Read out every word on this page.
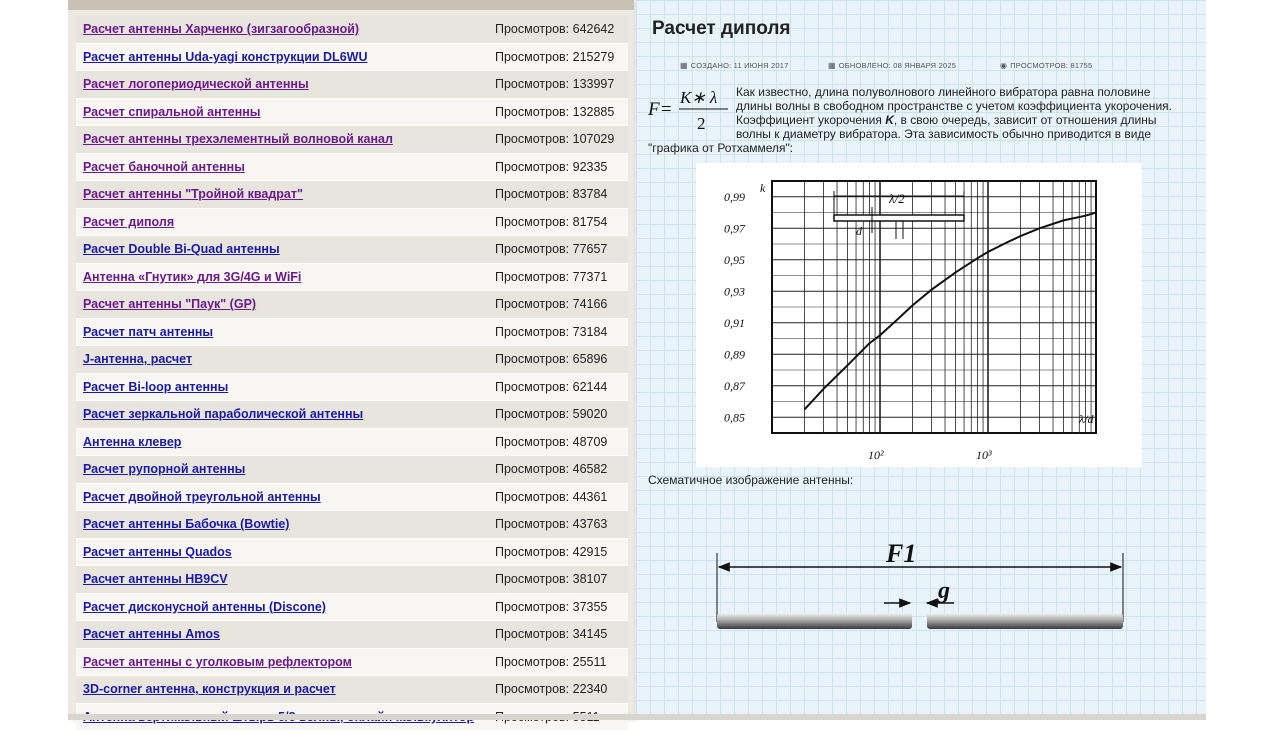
Расчет антенны Харченко (зигзагообразной)	Просмотров: 642642
Расчет антенны Uda-yagi конструкции DL6WU	Просмотров: 215279
Расчет логопериодической антенны	Просмотров: 133997
Расчет спиральной антенны	Просмотров: 132885
Расчет антенны трехэлементный волновой канал	Просмотров: 107029
Расчет баночной антенны	Просмотров: 92335
Расчет антенны "Тройной квадрат"	Просмотров: 83784
Расчет диполя	Просмотров: 81754
Расчет Double Bi-Quad антенны	Просмотров: 77657
Антенна «Гнутик» для 3G/4G и WiFi	Просмотров: 77371
Расчет антенны "Паук" (GP)	Просмотров: 74166
Расчет патч антенны	Просмотров: 73184
J-антенна, расчет	Просмотров: 65896
Расчет Bi-loop антенны	Просмотров: 62144
Расчет зеркальной параболической антенны	Просмотров: 59020
Антенна клевер	Просмотров: 48709
Расчет рупорной антенны	Просмотров: 46582
Расчет двойной треугольной антенны	Просмотров: 44361
Расчет антенны Бабочка (Bowtie)	Просмотров: 43763
Расчет антенны Quados	Просмотров: 42915
Расчет антенны HB9CV	Просмотров: 38107
Расчет дисконусной антенны (Discone)	Просмотров: 37355
Расчет антенны Amos	Просмотров: 34145
Расчет антенны с уголковым рефлектором	Просмотров: 25511
3D-corner антенна, конструкция и расчет	Просмотров: 22340
Расчет диполя
▦ СОЗДАНО: 11 ИЮНЯ 2017	▦ ОБНОВЛЕНО: 08 ЯНВАРЯ 2025	◉ ПРОСМОТРОВ: 81755

Как известно, длина полуволнового линейного вибратора равна половине длины волны в свободном пространстве с учетом коэффициента укорочения. Коэффициент укорочения K, в свою очередь, зависит от отношения длины волны к диаметру вибратора. Эта зависимость обычно приводится в виде "графика от Ротхаммеля":

F=
K∗ λ
2
0,99
0,97
0,95
0,93
0,91
0,89
0,87
0,85
10²	10³
k
λ/d
λ/2
d
Схематичное изображение антенны:
F1
g
